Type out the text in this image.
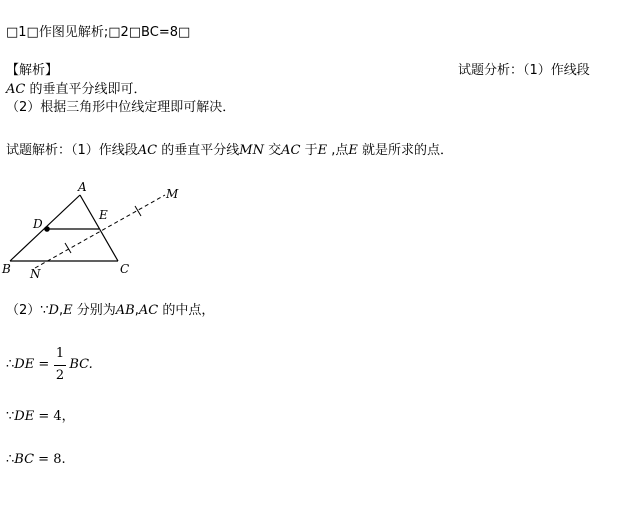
□1□作图见解析;□2□BC=8□
【解析】	试题分析：（1）作线段
AC 的垂直平分线即可．
（2）根据三角形中位线定理即可解决．
试题解析：（1）作线段AC 的垂直平分线MN 交AC 于E ,点E 就是所求的点．
A
B	C
D
E
M
N
（2）∵D,E 分别为AB,AC 的中点，
∴DE = BC.
1
2
∵DE = 4，
∴BC = 8.
